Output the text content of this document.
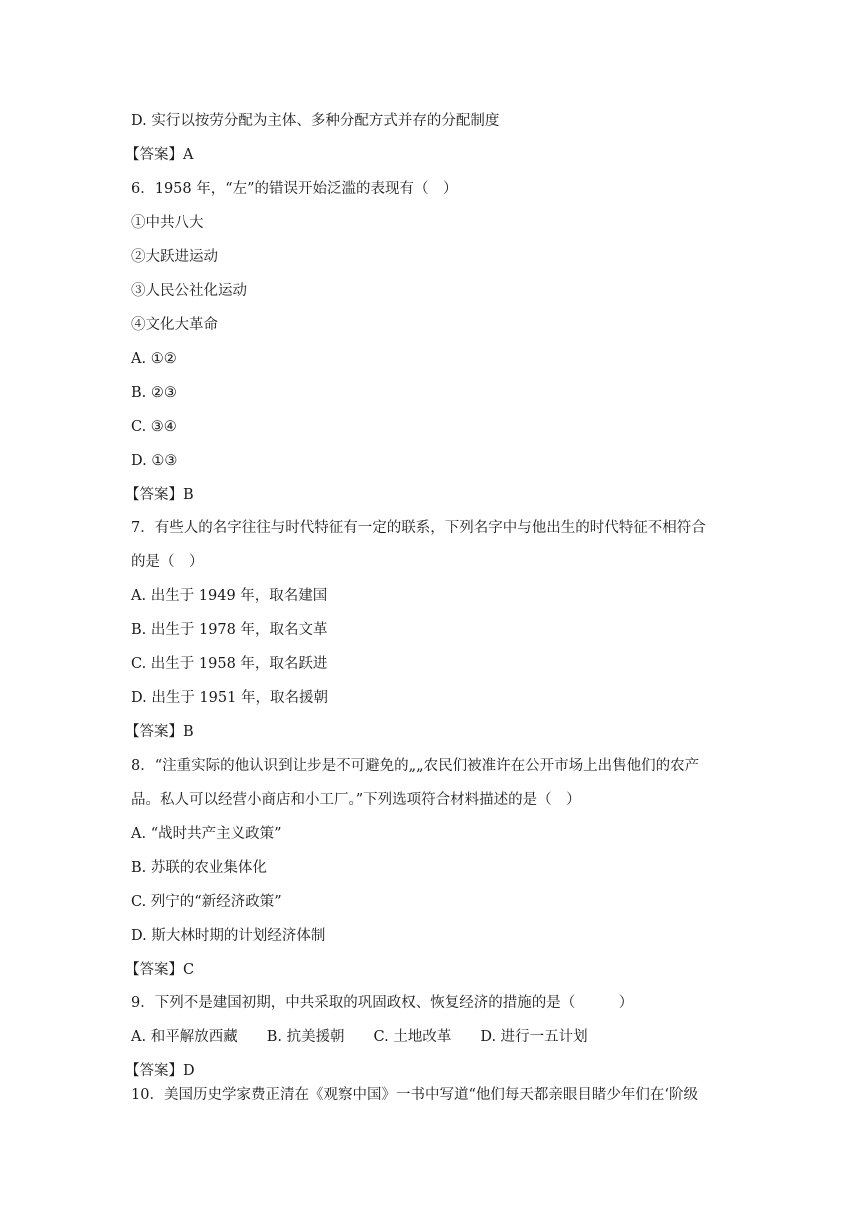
D. 实行以按劳分配为主体、多种分配方式并存的分配制度
【答案】A
6．1958 年，“左”的错误开始泛滥的表现有（　）
①中共八大
②大跃进运动
③人民公社化运动
④文化大革命
A. ①②
B. ②③
C. ③④
D. ①③
【答案】B
7．有些人的名字往往与时代特征有一定的联系，下列名字中与他出生的时代特征不相符合
的是（　）
A. 出生于 1949 年，取名建国
B. 出生于 1978 年，取名文革
C. 出生于 1958 年，取名跃进
D. 出生于 1951 年，取名援朝
【答案】B
8．“注重实际的他认识到让步是不可避免的„„农民们被准许在公开市场上出售他们的农产
品。私人可以经营小商店和小工厂。”下列选项符合材料描述的是（　）
A. “战时共产主义政策”
B. 苏联的农业集体化
C. 列宁的“新经济政策”
D. 斯大林时期的计划经济体制
【答案】C
9．下列不是建国初期，中共采取的巩固政权、恢复经济的措施的是（　　　）
A. 和平解放西藏　　B. 抗美援朝　　C. 土地改革　　D. 进行一五计划
【答案】D
10．美国历史学家费正清在《观察中国》一书中写道“他们每天都亲眼目睹少年们在‘阶级
